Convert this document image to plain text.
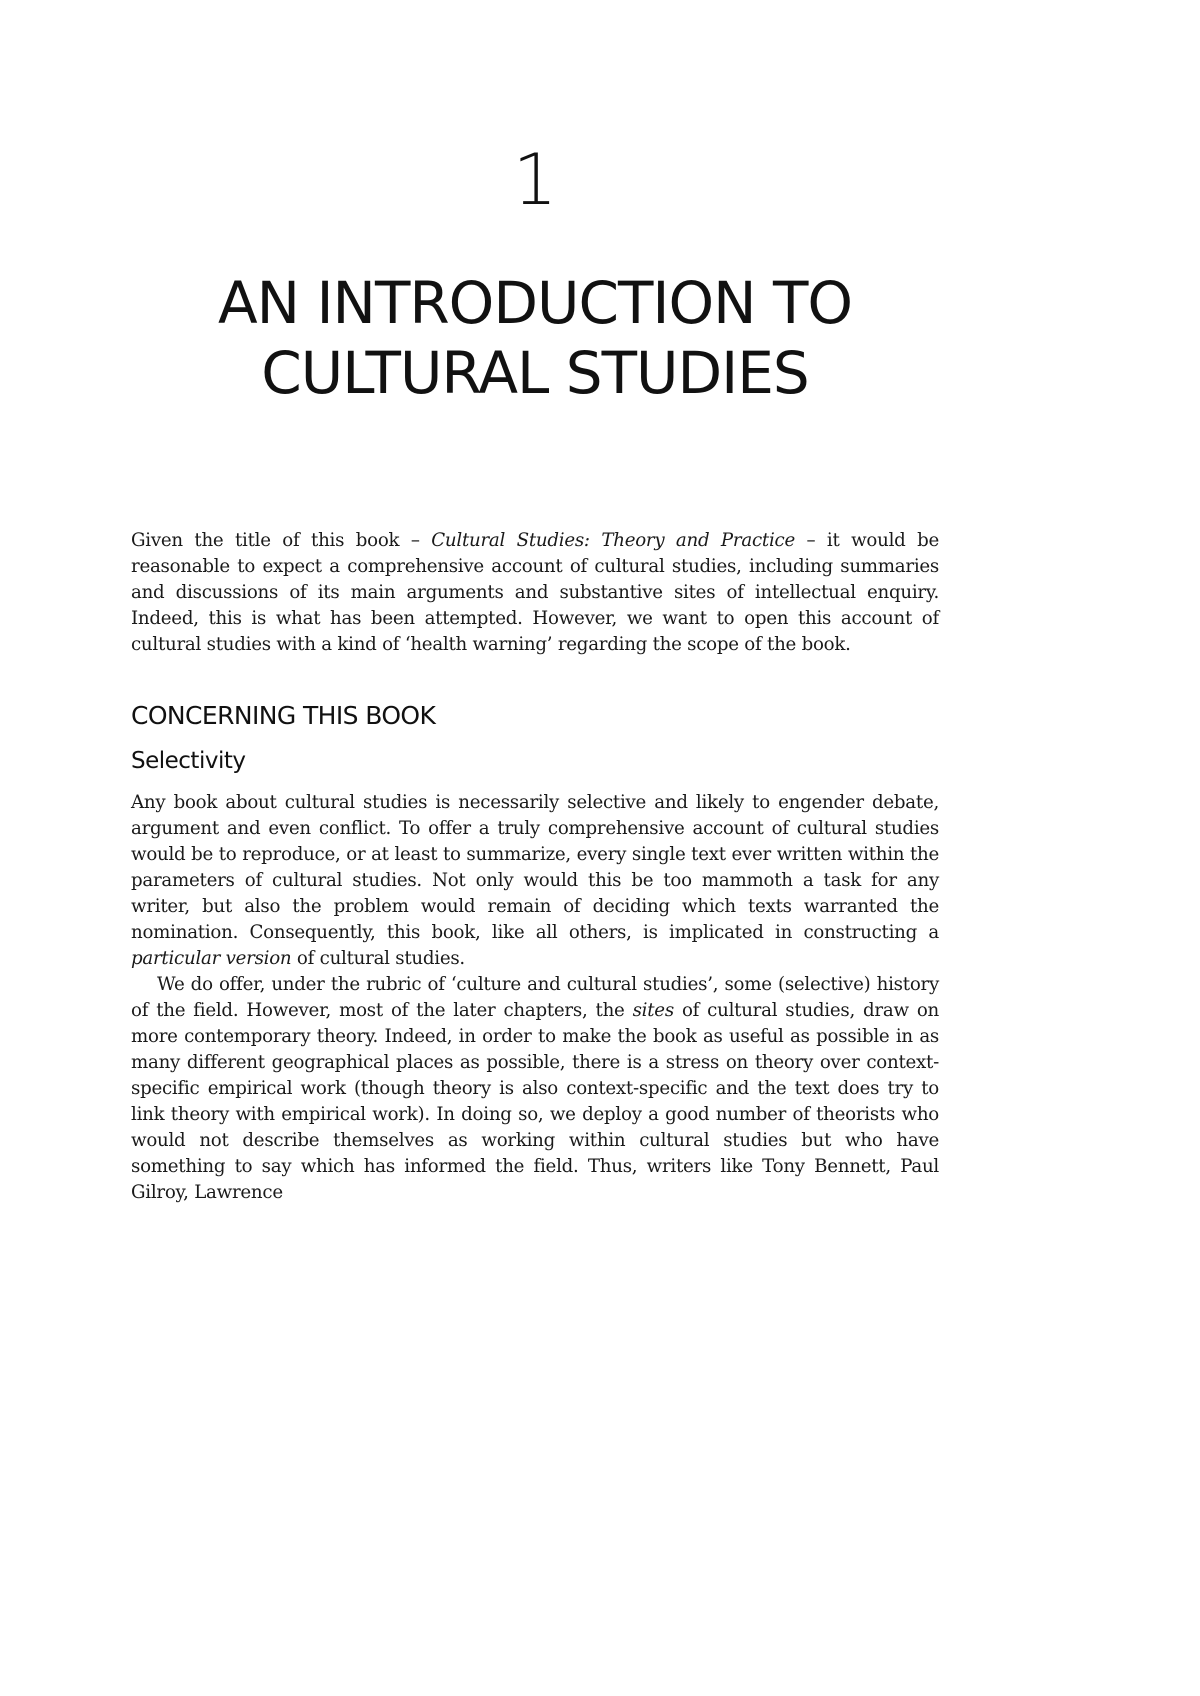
1
AN INTRODUCTION TO
CULTURAL STUDIES

Given the title of this book – Cultural Studies: Theory and Practice – it would be reasonable to expect a comprehensive account of cultural studies, including summaries and discussions of its main arguments and substantive sites of intellectual enquiry. Indeed, this is what has been attempted. However, we want to open this account of cultural studies with a kind of ‘health warning’ regarding the scope of the book.

CONCERNING THIS BOOK
Selectivity

Any book about cultural studies is necessarily selective and likely to engender debate, argument and even conflict. To offer a truly comprehensive account of cultural studies would be to reproduce, or at least to summarize, every single text ever written within the parameters of cultural studies. Not only would this be too mammoth a task for any writer, but also the problem would remain of deciding which texts warranted the nomination. Consequently, this book, like all others, is implicated in constructing a particular version of cultural studies.

We do offer, under the rubric of ‘culture and cultural studies’, some (selective) history of the field. However, most of the later chapters, the sites of cultural studies, draw on more contemporary theory. Indeed, in order to make the book as useful as possible in as many different geographical places as possible, there is a stress on theory over context-specific empirical work (though theory is also context-specific and the text does try to link theory with empirical work). In doing so, we deploy a good number of theorists who would not describe themselves as working within cultural studies but who have something to say which has informed the field. Thus, writers like Tony Bennett, Paul Gilroy, Lawrence
